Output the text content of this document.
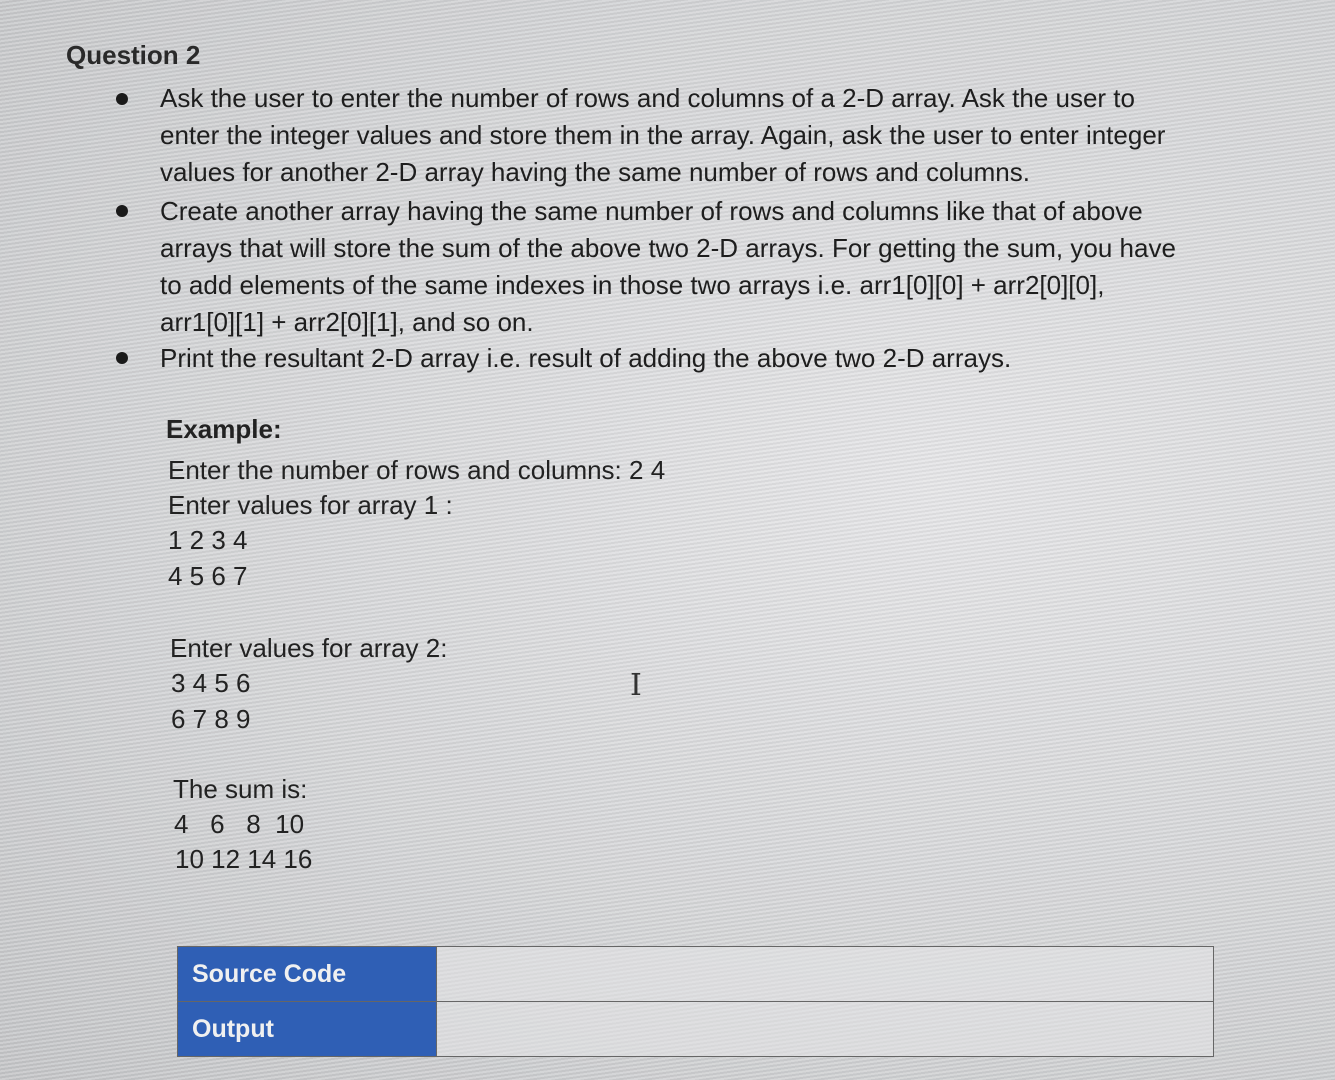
Question 2
Ask the user to enter the number of rows and columns of a 2-D array. Ask the user to
enter the integer values and store them in the array. Again, ask the user to enter integer
values for another 2-D array having the same number of rows and columns.
Create another array having the same number of rows and columns like that of above
arrays that will store the sum of the above two 2-D arrays. For getting the sum, you have
to add elements of the same indexes in those two arrays i.e. arr1[0][0] + arr2[0][0],
arr1[0][1] + arr2[0][1], and so on.
Print the resultant 2-D array i.e. result of adding the above two 2-D arrays.
Example:
Enter the number of rows and columns: 2 4
Enter values for array 1 :
1 2 3 4
4 5 6 7
Enter values for array 2:
3 4 5 6
6 7 8 9
The sum is:
4   6   8  10
10 12 14 16
I
Source Code	
Output	
